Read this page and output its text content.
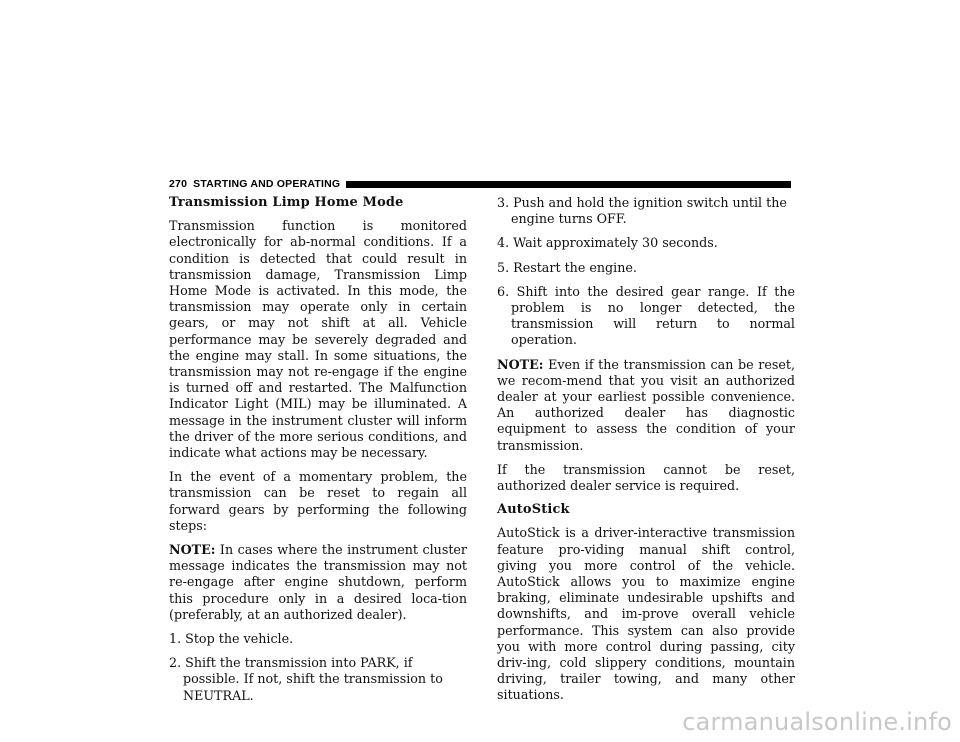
270 STARTING AND OPERATING
Transmission Limp Home Mode

Transmission function is monitored electronically for ab-normal conditions. If a condition is detected that could result in transmission damage, Transmission Limp Home Mode is activated. In this mode, the transmission may operate only in certain gears, or may not shift at all. Vehicle performance may be severely degraded and the engine may stall. In some situations, the transmission may not re-engage if the engine is turned off and restarted. The Malfunction Indicator Light (MIL) may be illuminated. A message in the instrument cluster will inform the driver of the more serious conditions, and indicate what actions may be necessary.

In the event of a momentary problem, the transmission can be reset to regain all forward gears by performing the following steps:

NOTE: In cases where the instrument cluster message indicates the transmission may not re-engage after engine shutdown, perform this procedure only in a desired loca-tion (preferably, at an authorized dealer).

1. Stop the vehicle.
2. Shift the transmission into PARK, if possible. If not, shift the transmission to NEUTRAL.
3. Push and hold the ignition switch until the engine turns OFF.
4. Wait approximately 30 seconds.
5. Restart the engine.
6. Shift into the desired gear range. If the problem is no longer detected, the transmission will return to normal operation.

NOTE: Even if the transmission can be reset, we recom-mend that you visit an authorized dealer at your earliest possible convenience. An authorized dealer has diagnostic equipment to assess the condition of your transmission.

If the transmission cannot be reset, authorized dealer service is required.

AutoStick

AutoStick is a driver-interactive transmission feature pro-viding manual shift control, giving you more control of the vehicle. AutoStick allows you to maximize engine braking, eliminate undesirable upshifts and downshifts, and im-prove overall vehicle performance. This system can also provide you with more control during passing, city driv-ing, cold slippery conditions, mountain driving, trailer towing, and many other situations.

carmanualsonline.info
